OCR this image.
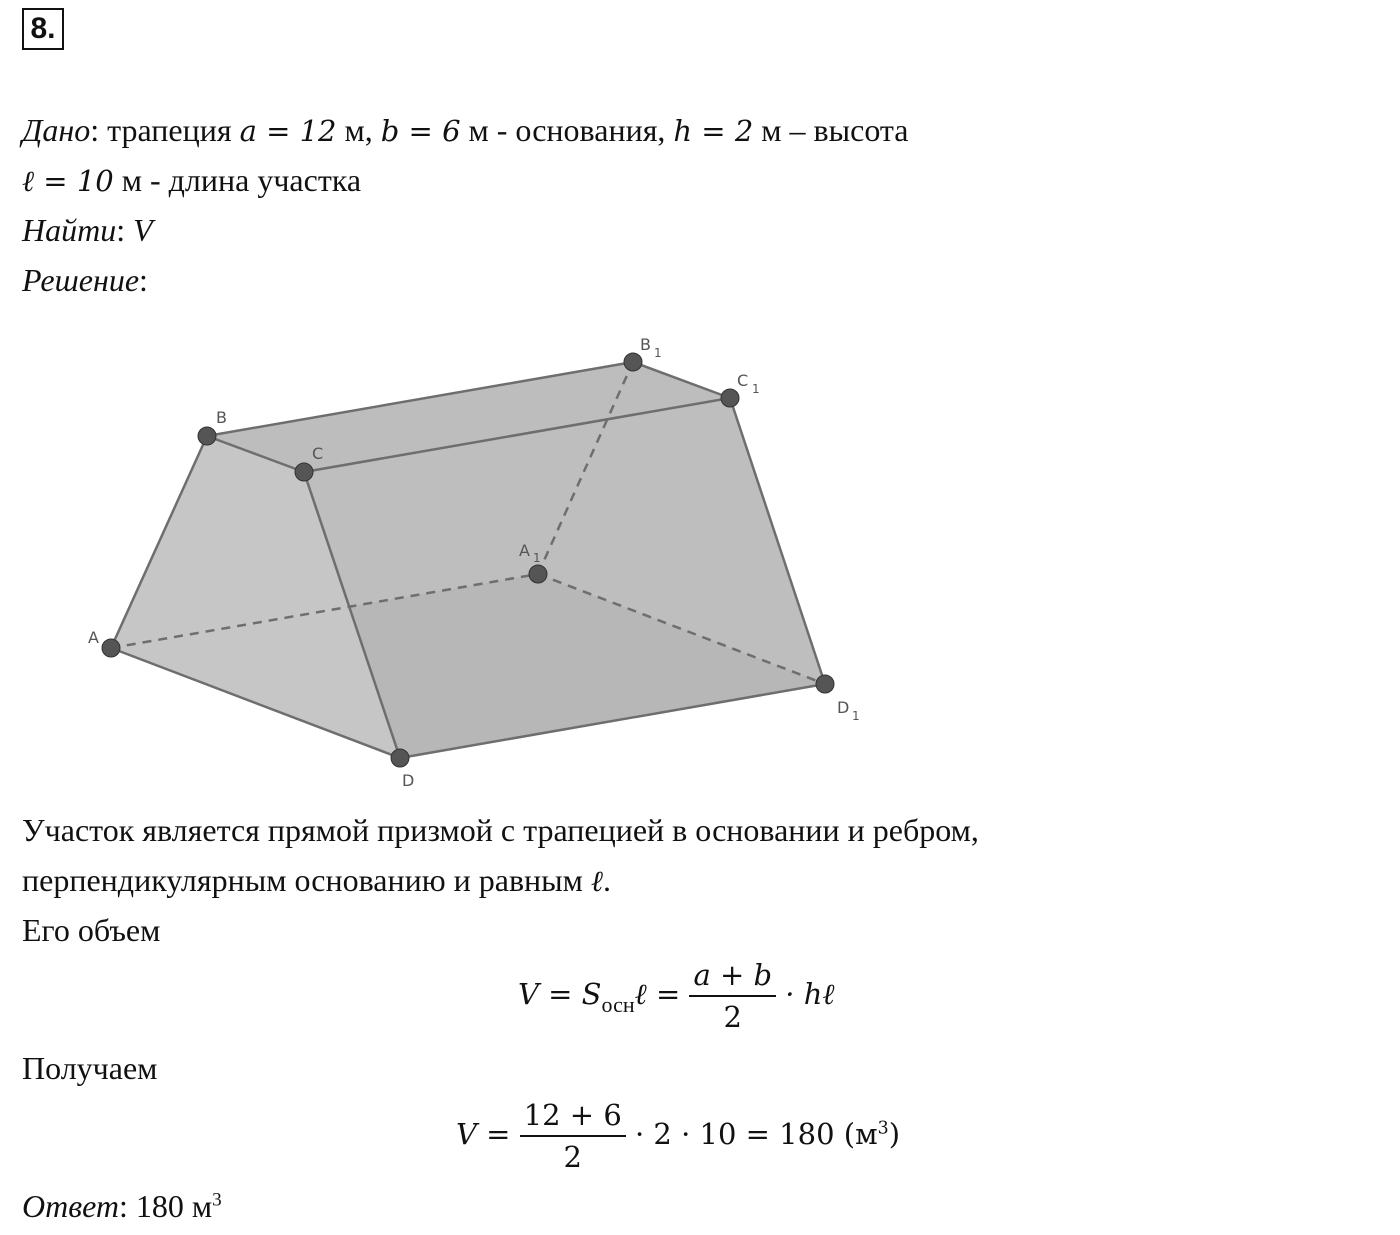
8.
Дано: трапеция a = 12 м, b = 6 м - основания, h = 2 м – высота
ℓ = 10 м - длина участка
Найти: V
Решение:
A
B
C
D
A 1
B 1
C 1
D 1
Участок является прямой призмой с трапецией в основании и ребром,
перпендикулярным основанию и равным ℓ.
Его объем
$V = S_{осн}\ell = \frac{a + b}{2}$ · hℓ
Получаем
$V = \frac{12 + 6}{2} \cdot 2 \cdot 10 = 180$ $(м^3)$
Ответ: 180 $м^3$
